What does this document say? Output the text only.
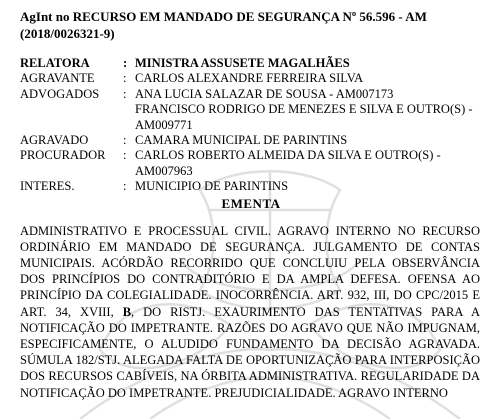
AgInt no RECURSO EM MANDADO DE SEGURANÇA Nº 56.596 - AM
(2018/0026321-9)
RELATORA	:	MINISTRA ASSUSETE MAGALHÃES

AGRAVANTE	:	CARLOS ALEXANDRE FERREIRA SILVA

ADVOGADOS	:	ANA LUCIA SALAZAR DE SOUSA - AM007173
FRANCISCO RODRIGO DE MENEZES E SILVA E OUTRO(S) - AM009771

AGRAVADO	:	CAMARA MUNICIPAL DE PARINTINS

PROCURADOR	:	CARLOS ROBERTO ALMEIDA DA SILVA E OUTRO(S) - AM007963

INTERES.	:	MUNICIPIO DE PARINTINS
EMENTA

ADMINISTRATIVO E PROCESSUAL CIVIL. AGRAVO INTERNO NO RECURSO ORDINÁRIO EM MANDADO DE SEGURANÇA. JULGAMENTO DE CONTAS MUNICIPAIS. ACÓRDÃO RECORRIDO QUE CONCLUIU PELA OBSERVÂNCIA DOS PRINCÍPIOS DO CONTRADITÓRIO E DA AMPLA DEFESA. OFENSA AO PRINCÍPIO DA COLEGIALIDADE. INOCORRÊNCIA. ART. 932, III, DO CPC/2015 E ART. 34, XVIII, B, DO RISTJ. EXAURIMENTO DAS TENTATIVAS PARA A NOTIFICAÇÃO DO IMPETRANTE. RAZÕES DO AGRAVO QUE NÃO IMPUGNAM, ESPECIFICAMENTE, O ALUDIDO FUNDAMENTO DA DECISÃO AGRAVADA. SÚMULA 182/STJ. ALEGADA FALTA DE OPORTUNIZAÇÃO PARA INTERPOSIÇÃO DOS RECURSOS CABÍVEIS, NA ÓRBITA ADMINISTRATIVA. REGULARIDADE DA NOTIFICAÇÃO DO IMPETRANTE. PREJUDICIALIDADE. AGRAVO INTERNO
